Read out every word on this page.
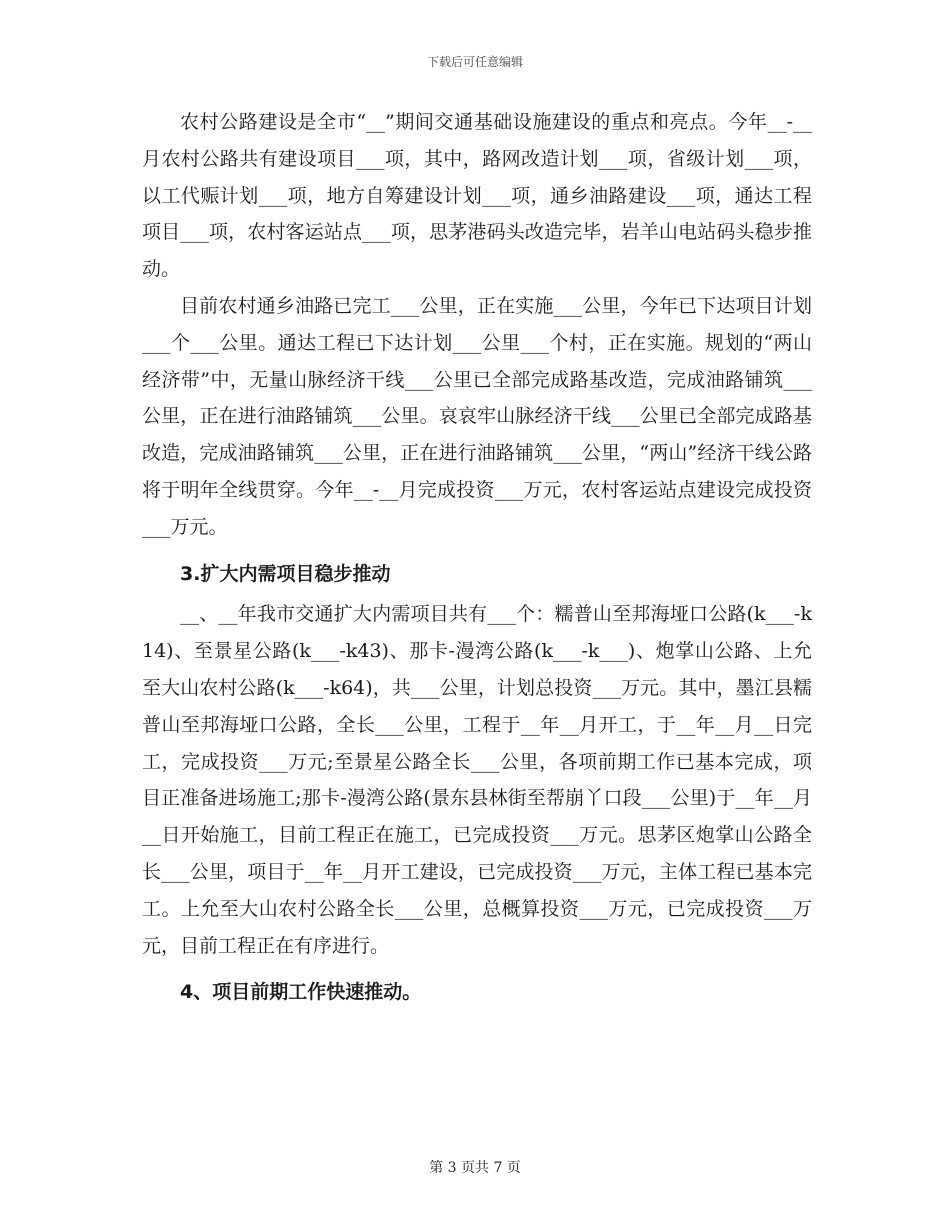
下载后可任意编辑

农村公路建设是全市“__”期间交通基础设施建设的重点和亮点。今年__-__月农村公路共有建设项目___项，其中，路网改造计划___项，省级计划___项，以工代赈计划___项，地方自筹建设计划___项，通乡油路建设___项，通达工程项目___项，农村客运站点___项，思茅港码头改造完毕，岩羊山电站码头稳步推动。

目前农村通乡油路已完工___公里，正在实施___公里，今年已下达项目计划___个___公里。通达工程已下达计划___公里___个村，正在实施。规划的“两山经济带”中，无量山脉经济干线___公里已全部完成路基改造，完成油路铺筑___公里，正在进行油路铺筑___公里。哀哀牢山脉经济干线___公里已全部完成路基改造，完成油路铺筑___公里，正在进行油路铺筑___公里，“两山”经济干线公路将于明年全线贯穿。今年__-__月完成投资___万元，农村客运站点建设完成投资___万元。

3.扩大内需项目稳步推动

__、__年我市交通扩大内需项目共有___个：糯普山至邦海垭口公路(k___-k14)、至景星公路(k___-k43)、那卡-漫湾公路(k___-k___)、炮掌山公路、上允至大山农村公路(k___-k64)，共___公里，计划总投资___万元。其中，墨江县糯普山至邦海垭口公路，全长___公里，工程于__年__月开工，于__年__月__日完工，完成投资___万元;至景星公路全长___公里，各项前期工作已基本完成，项目正准备进场施工;那卡-漫湾公路(景东县林街至帮崩丫口段___公里)于__年__月__日开始施工，目前工程正在施工，已完成投资___万元。思茅区炮掌山公路全长___公里，项目于__年__月开工建设，已完成投资___万元，主体工程已基本完工。上允至大山农村公路全长___公里，总概算投资___万元，已完成投资___万元，目前工程正在有序进行。

4、项目前期工作快速推动。

第 3 页共 7 页
